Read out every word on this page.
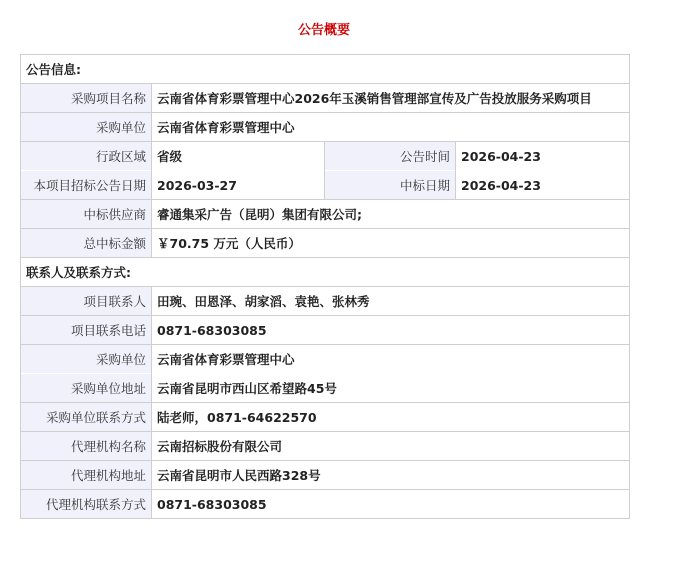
公告概要
公告信息:			
采购项目名称	云南省体育彩票管理中心2026年玉溪销售管理部宣传及广告投放服务采购项目		
采购单位	云南省体育彩票管理中心		
行政区域	省级	公告时间	2026-04-23
本项目招标公告日期	2026-03-27	中标日期	2026-04-23
中标供应商	睿通集采广告（昆明）集团有限公司;		
总中标金额	￥70.75 万元（人民币）		
联系人及联系方式:			
项目联系人	田琬、田恩泽、胡家滔、袁艳、张林秀		
项目联系电话	0871-68303085		
采购单位	云南省体育彩票管理中心		
采购单位地址	云南省昆明市西山区希望路45号		
采购单位联系方式	陆老师，0871-64622570		
代理机构名称	云南招标股份有限公司		
代理机构地址	云南省昆明市人民西路328号		
代理机构联系方式	0871-68303085		
